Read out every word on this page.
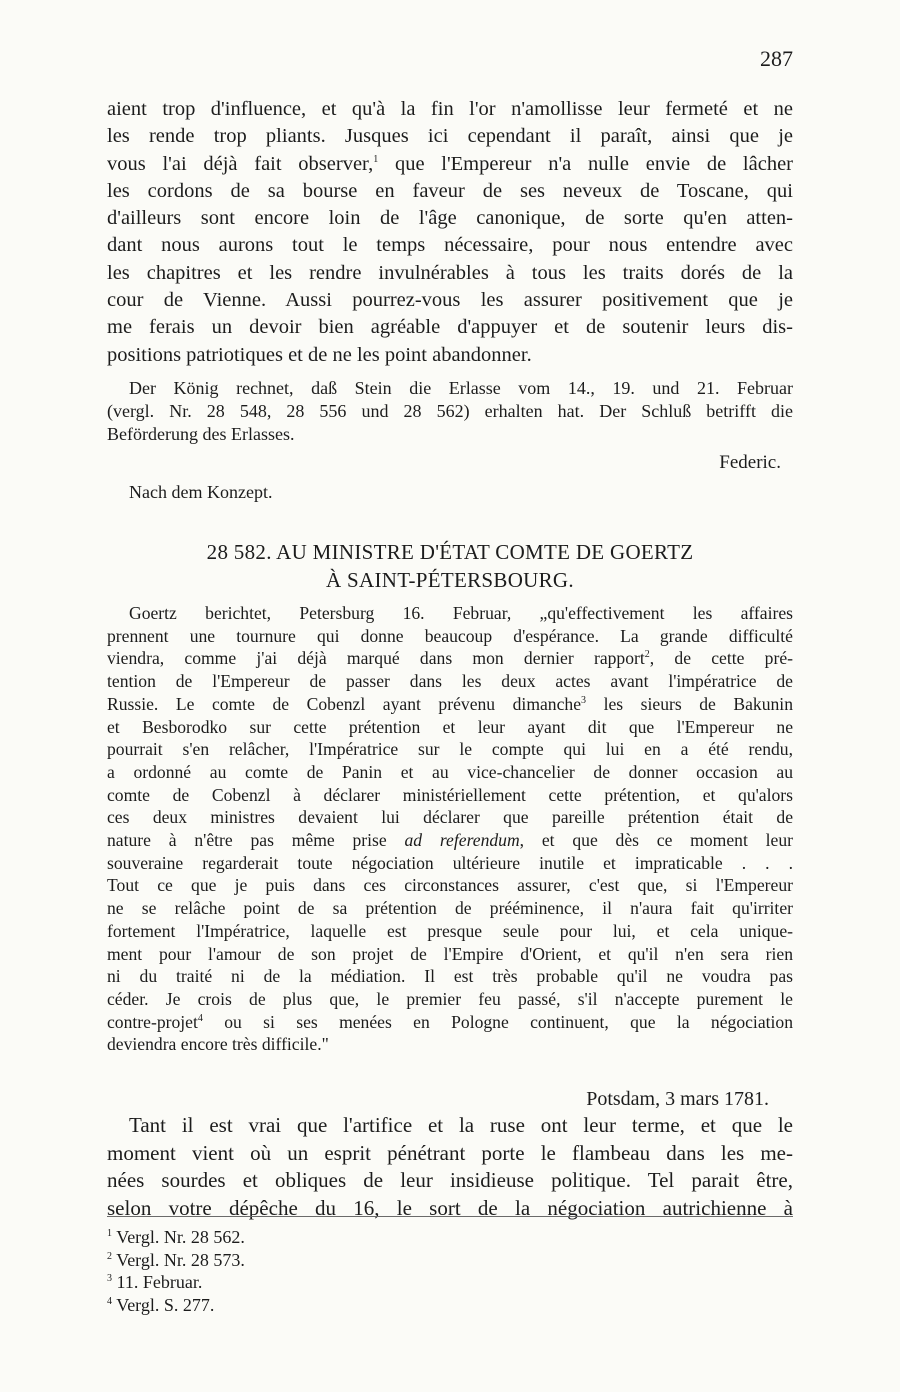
287
aient trop d'influence, et qu'à la fin l'or n'amollisse leur fermeté et ne
les rende trop pliants. Jusques ici cependant il paraît, ainsi que je
vous l'ai déjà fait observer,$^1$ que l'Empereur n'a nulle envie de lâcher
les cordons de sa bourse en faveur de ses neveux de Toscane, qui
d'ailleurs sont encore loin de l'âge canonique, de sorte qu'en atten-
dant nous aurons tout le temps nécessaire, pour nous entendre avec
les chapitres et les rendre invulnérables à tous les traits dorés de la
cour de Vienne. Aussi pourrez-vous les assurer positivement que je
me ferais un devoir bien agréable d'appuyer et de soutenir leurs dis-
positions patriotiques et de ne les point abandonner.
Der König rechnet, daß Stein die Erlasse vom 14., 19. und 21. Februar
(vergl. Nr. 28 548, 28 556 und 28 562) erhalten hat. Der Schluß betrifft die
Beförderung des Erlasses.
Federic.
Nach dem Konzept.
28 582. AU MINISTRE D'ÉTAT COMTE DE GOERTZ
À SAINT-PÉTERSBOURG.
Goertz berichtet, Petersburg 16. Februar, „qu'effectivement les affaires
prennent une tournure qui donne beaucoup d'espérance. La grande difficulté
viendra, comme j'ai déjà marqué dans mon dernier rapport$^2$, de cette pré-
tention de l'Empereur de passer dans les deux actes avant l'impératrice de
Russie. Le comte de Cobenzl ayant prévenu dimanche$^3$ les sieurs de Bakunin
et Besborodko sur cette prétention et leur ayant dit que l'Empereur ne
pourrait s'en relâcher, l'Impératrice sur le compte qui lui en a été rendu,
a ordonné au comte de Panin et au vice-chancelier de donner occasion au
comte de Cobenzl à déclarer ministériellement cette prétention, et qu'alors
ces deux ministres devaient lui déclarer que pareille prétention était de
nature à n'être pas même prise ad referendum, et que dès ce moment leur
souveraine regarderait toute négociation ultérieure inutile et impraticable . . .
Tout ce que je puis dans ces circonstances assurer, c'est que, si l'Empereur
ne se relâche point de sa prétention de prééminence, il n'aura fait qu'irriter
fortement l'Impératrice, laquelle est presque seule pour lui, et cela uniquе-
ment pour l'amour de son projet de l'Empire d'Orient, et qu'il n'en sera rien
ni du traité ni de la médiation. Il est très probable qu'il ne voudra pas
céder. Je crois de plus que, le premier feu passé, s'il n'accepte purement le
contre-projet$^4$ ou si ses menées en Pologne continuent, que la négociation
deviendra encore très difficile."
Potsdam, 3 mars 1781.
Tant il est vrai que l'artifice et la ruse ont leur terme, et que le
moment vient où un esprit pénétrant porte le flambeau dans les me-
nées sourdes et obliques de leur insidieuse politique. Tel parait être,
selon votre dépêche du 16, le sort de la négociation autrichienne à
$^1$ Vergl. Nr. 28 562.
$^2$ Vergl. Nr. 28 573.
$^3$ 11. Februar.
$^4$ Vergl. S. 277.
